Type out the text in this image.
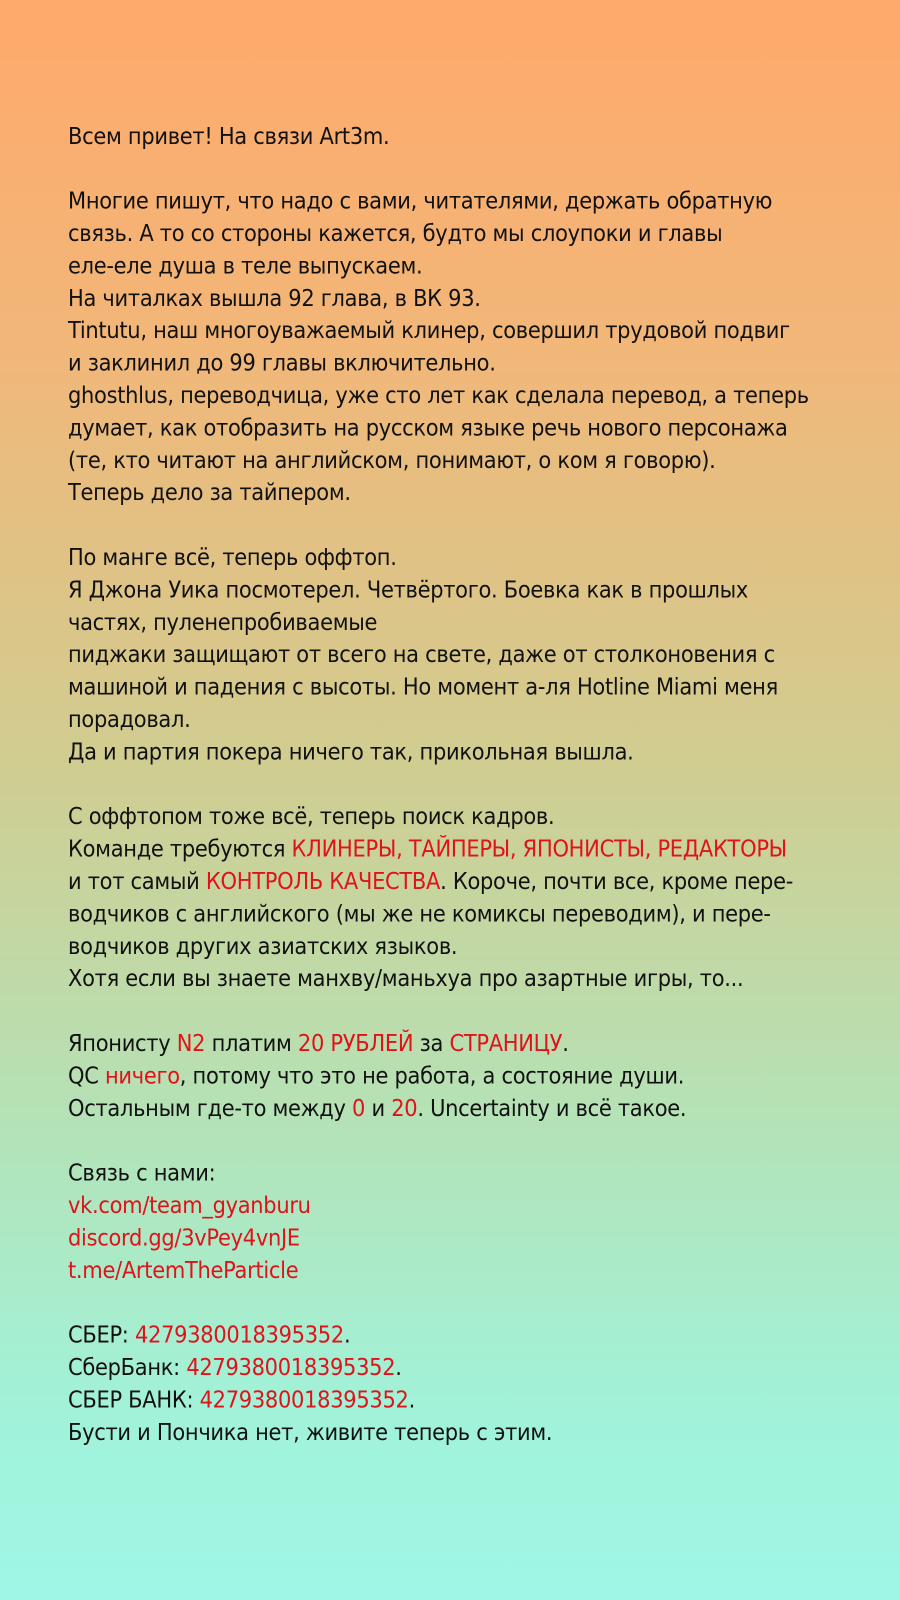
Всем привет! На связи Art3m.
Многие пишут, что надо с вами, читателями, держать обратную
связь. А то со стороны кажется, будто мы слоупоки и главы
еле-еле душа в теле выпускаем.
На читалках вышла 92 глава, в ВК 93.
Tintutu, наш многоуважаемый клинер, совершил трудовой подвиг
и заклинил до 99 главы включительно.
ghosthlus, переводчица, уже сто лет как сделала перевод, а теперь
думает, как отобразить на русском языке речь нового персонажа
(те, кто читают на английском, понимают, о ком я говорю).
Теперь дело за тайпером.
По манге всё, теперь оффтоп.
Я Джона Уика посмотерел. Четвёртого. Боевка как в прошлых
частях, пуленепробиваемые
пиджаки защищают от всего на свете, даже от столконовения с
машиной и падения с высоты. Но момент а-ля Hotline Miami меня
порадовал.
Да и партия покера ничего так, прикольная вышла.
С оффтопом тоже всё, теперь поиск кадров.
Команде требуются КЛИНЕРЫ, ТАЙПЕРЫ, ЯПОНИСТЫ, РЕДАКТОРЫ
и тот самый КОНТРОЛЬ КАЧЕСТВА. Короче, почти все, кроме пере-
водчиков с английского (мы же не комиксы переводим), и пере-
водчиков других азиатских языков.
Хотя если вы знаете манхву/маньхуа про азартные игры, то...
Японисту N2 платим 20 РУБЛЕЙ за СТРАНИЦУ.
QC ничего, потому что это не работа, а состояние души.
Остальным где-то между 0 и 20. Uncertainty и всё такое.
Связь с нами:
vk.com/team_gyanburu
discord.gg/3vPey4vnJE
t.me/ArtemTheParticle
СБЕР: 4279380018395352.
СберБанк: 4279380018395352.
СБЕР БАНК: 4279380018395352.
Бусти и Пончика нет, живите теперь с этим.
